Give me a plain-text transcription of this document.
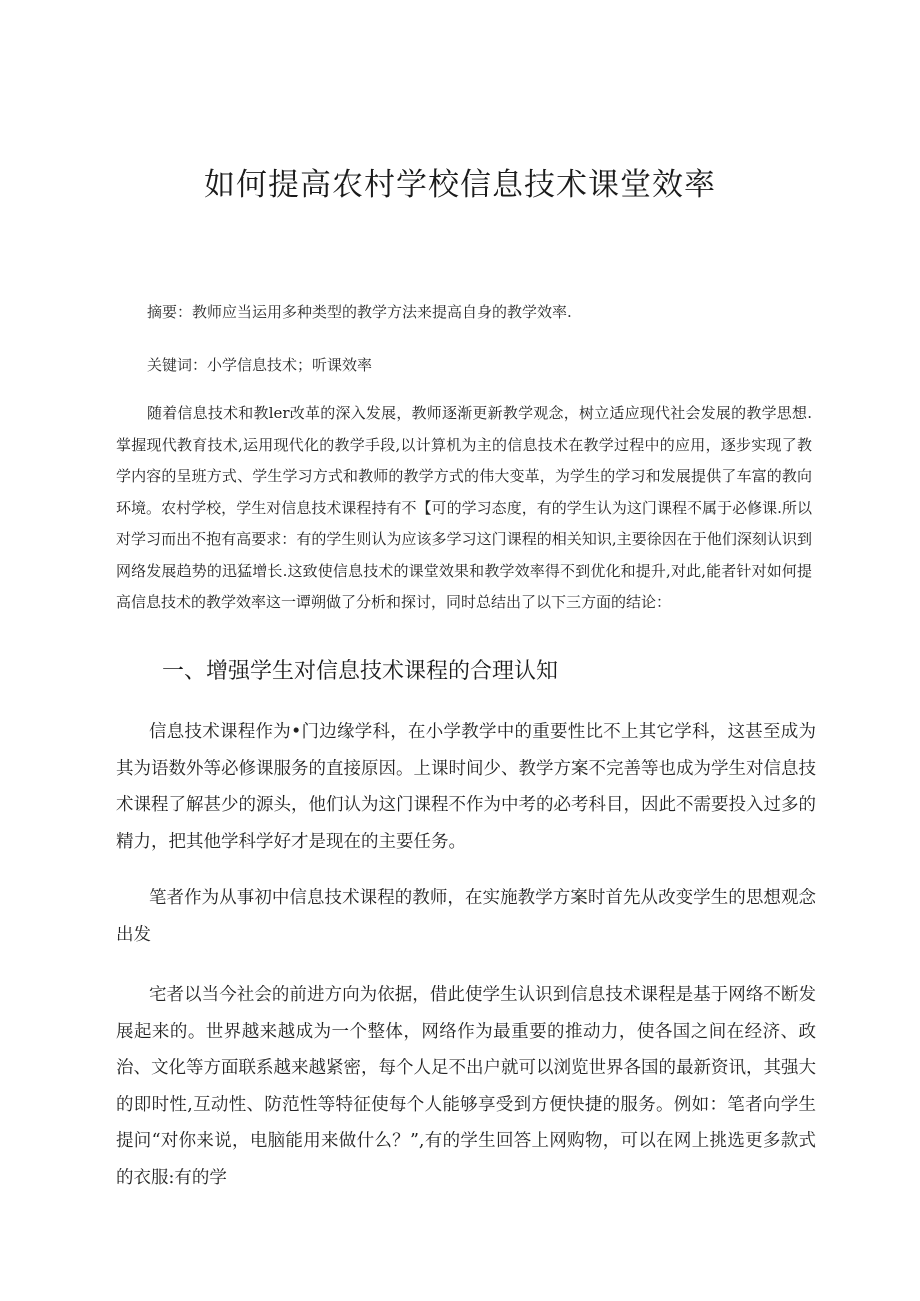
如何提高农村学校信息技术课堂效率
摘要：教师应当运用多种类型的教学方法来提高自身的教学效率.
关键词：小学信息技术；听课效率
随着信息技术和教ler改革的深入发展，教师逐渐更新教学观念，树立适应现代社会发展的教学思想.掌握现代教育技术,运用现代化的教学手段,以计算机为主的信息技术在教学过程中的应用，逐步实现了教学内容的呈班方式、学生学习方式和教师的教学方式的伟大变革，为学生的学习和发展提供了车富的教向环境。农村学校，学生对信息技术课程持有不【可的学习态度，有的学生认为这门课程不属于必修课.所以对学习而出不抱有高要求：有的学生则认为应该多学习这门课程的相关知识,主要徐因在于他们深刻认识到网络发展趋势的迅猛增长.这致使信息技术的课堂效果和教学效率得不到优化和提升,对此,能者针对如何提高信息技术的教学效率这一谭朔做了分析和探讨，同时总结出了以下三方面的结论：
一、增强学生对信息技术课程的合理认知
信息技术课程作为•门边缘学科，在小学教学中的重要性比不上其它学科，这甚至成为其为语数外等必修课服务的直接原因。上课时间少、教学方案不完善等也成为学生对信息技术课程了解甚少的源头，他们认为这门课程不作为中考的必考科目，因此不需要投入过多的精力，把其他学科学好才是现在的主要任务。
笔者作为从事初中信息技术课程的教师，在实施教学方案时首先从改变学生的思想观念出发
宅者以当今社会的前进方向为依据，借此使学生认识到信息技术课程是基于网络不断发展起来的。世界越来越成为一个整体，网络作为最重要的推动力，使各国之间在经济、政治、文化等方面联系越来越紧密，每个人足不出户就可以浏览世界各国的最新资讯，其强大的即时性,互动性、防范性等特征使每个人能够享受到方便快捷的服务。例如：笔者向学生提问“对你来说，电脑能用来做什么？”,有的学生回答上网购物，可以在网上挑选更多款式的衣服:有的学
